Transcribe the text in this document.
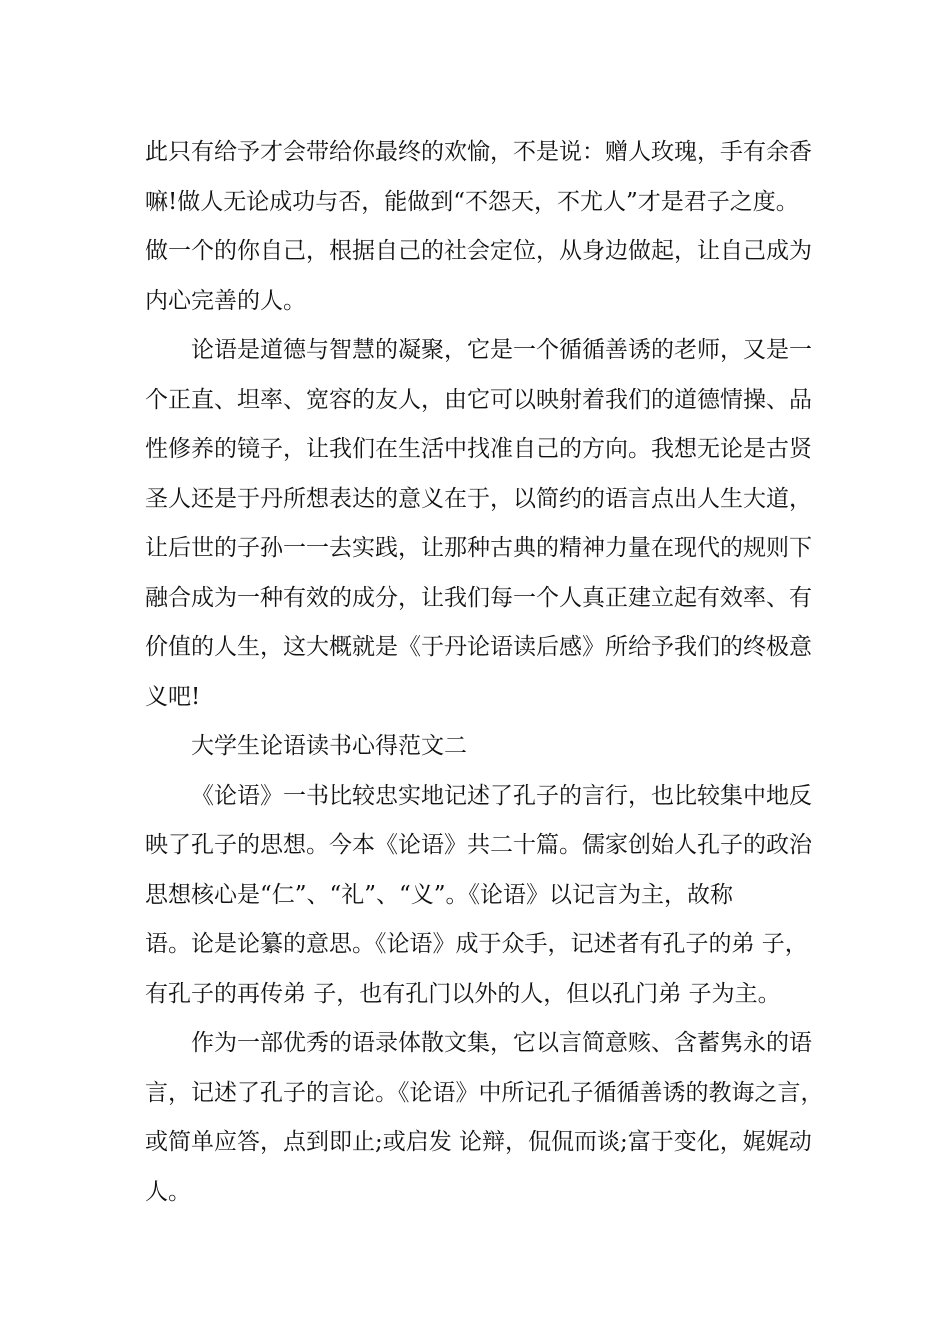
此只有给予才会带给你最终的欢愉，不是说：赠人玫瑰，手有余香
嘛!做人无论成功与否，能做到“不怨天，不尤人”才是君子之度。
做一个的你自己，根据自己的社会定位，从身边做起，让自己成为
内心完善的人。
论语是道德与智慧的凝聚，它是一个循循善诱的老师，又是一
个正直、坦率、宽容的友人，由它可以映射着我们的道德情操、品
性修养的镜子，让我们在生活中找准自己的方向。我想无论是古贤
圣人还是于丹所想表达的意义在于，以简约的语言点出人生大道，
让后世的子孙一一去实践，让那种古典的精神力量在现代的规则下
融合成为一种有效的成分，让我们每一个人真正建立起有效率、有
价值的人生，这大概就是《于丹论语读后感》所给予我们的终极意
义吧!
大学生论语读书心得范文二
《论语》一书比较忠实地记述了孔子的言行，也比较集中地反
映了孔子的思想。今本《论语》共二十篇。儒家创始人孔子的政治
思想核心是“仁”、“礼”、“义”。《论语》以记言为主，故称
语。论是论纂的意思。《论语》成于众手，记述者有孔子的弟 子，
有孔子的再传弟 子，也有孔门以外的人，但以孔门弟 子为主。
作为一部优秀的语录体散文集，它以言简意赅、含蓄隽永的语
言，记述了孔子的言论。《论语》中所记孔子循循善诱的教诲之言，
或简单应答，点到即止;或启发 论辩，侃侃而谈;富于变化，娓娓动
人。
